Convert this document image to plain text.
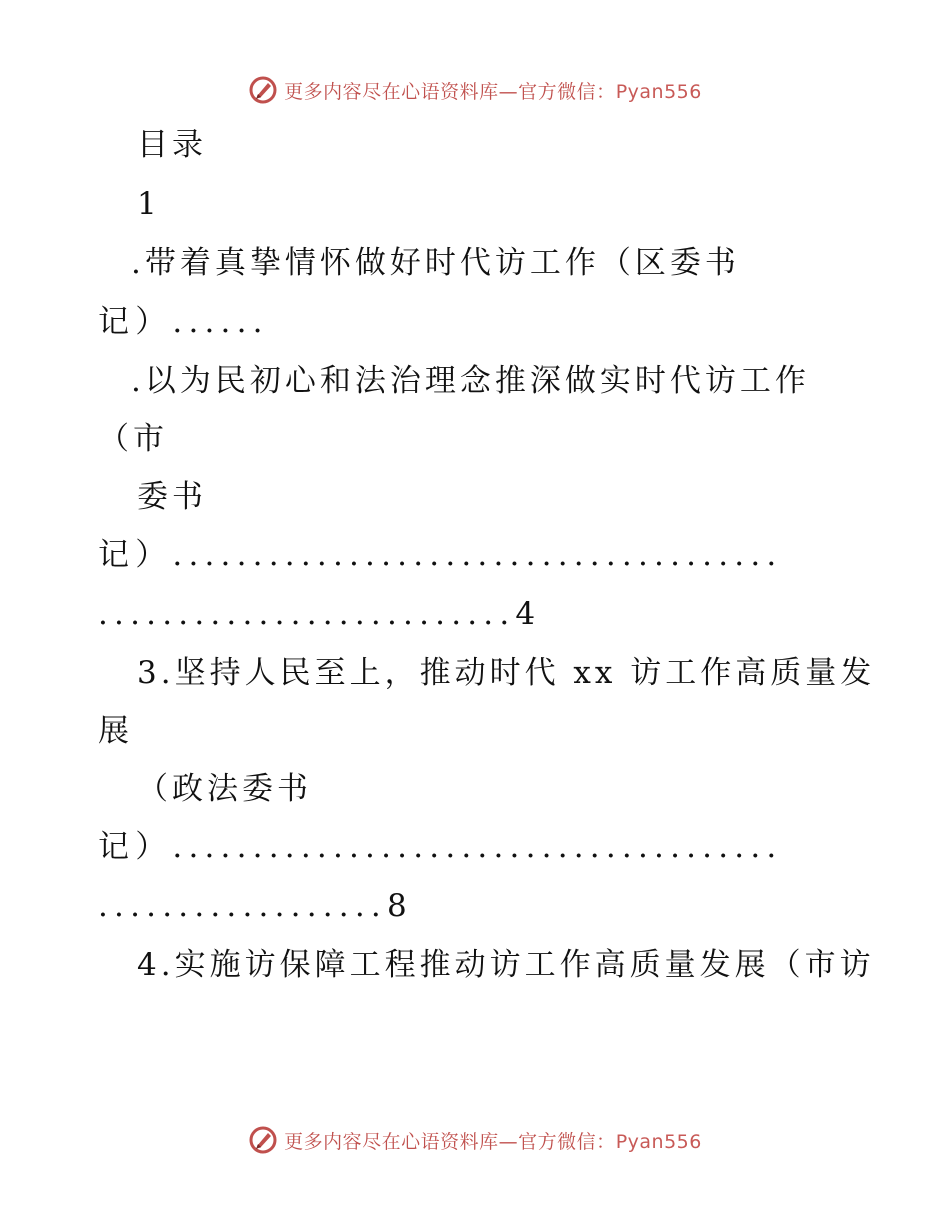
更多内容尽在心语资料库—官方微信：Pyan556
目录
1
.带着真挚情怀做好时代访工作（区委书
记）......
.以为民初心和法治理念推深做实时代访工作
（市
委书
记）......................................
..........................4
3.坚持人民至上，推动时代 xx 访工作高质量发
展
（政法委书
记）......................................
..................8
4.实施访保障工程推动访工作高质量发展（市访
更多内容尽在心语资料库—官方微信：Pyan556
